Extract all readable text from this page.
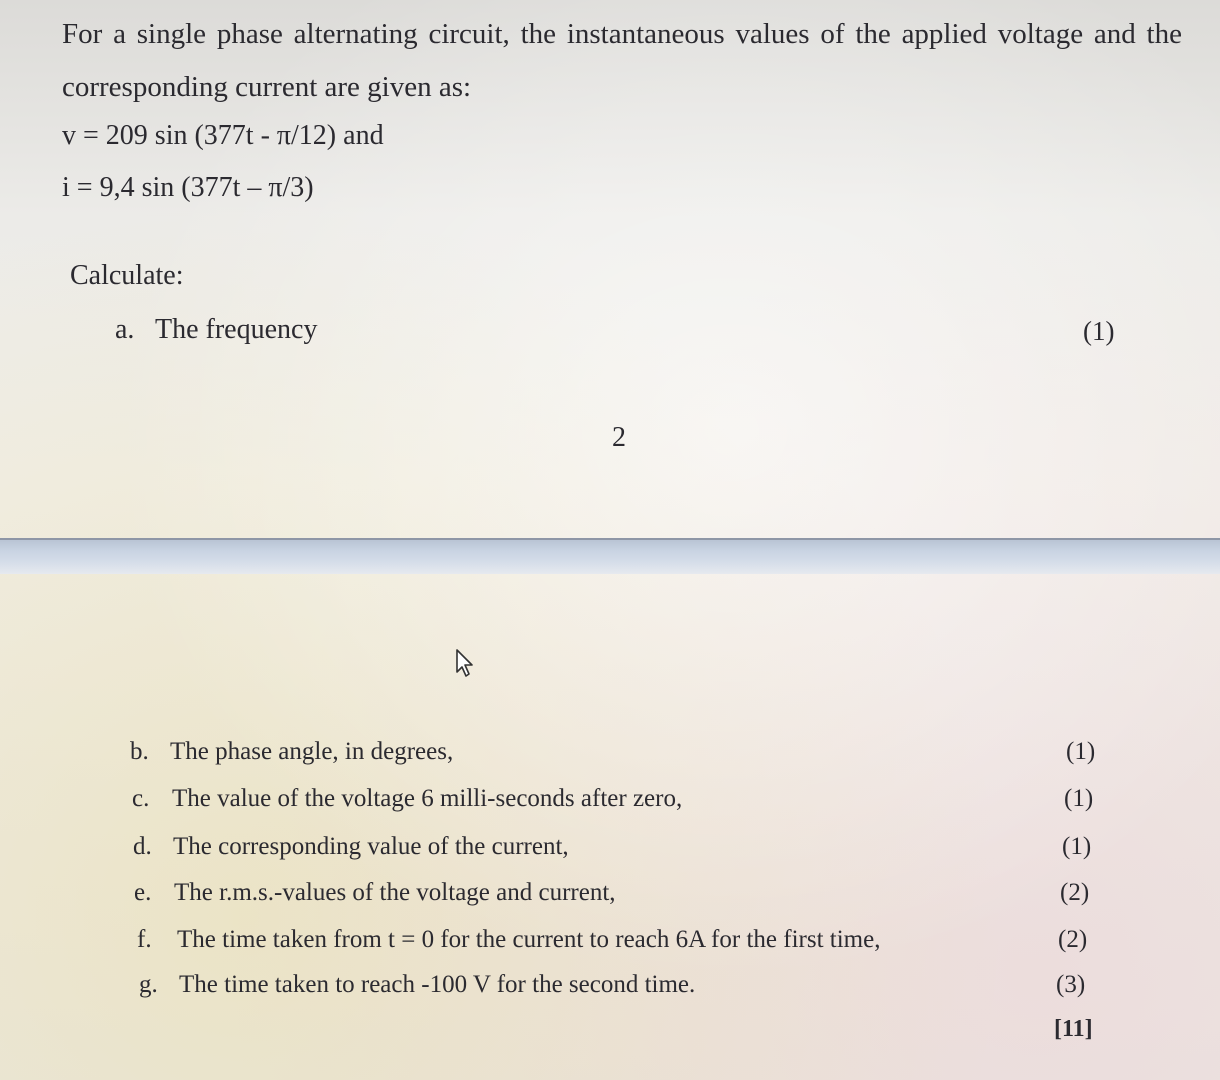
For a single phase alternating circuit, the instantaneous values of the applied voltage and the corresponding current are given as:
v = 209 sin (377t - π/12) and
i = 9,4 sin (377t – π/3)
Calculate:
a. The frequency	(1)
2
b. The phase angle, in degrees,	(1)
c. The value of the voltage 6 milli-seconds after zero,	(1)
d. The corresponding value of the current,	(1)
e. The r.m.s.-values of the voltage and current,	(2)
f. The time taken from t = 0 for the current to reach 6A for the first time,	(2)
g. The time taken to reach -100 V for the second time.	(3)
[11]
